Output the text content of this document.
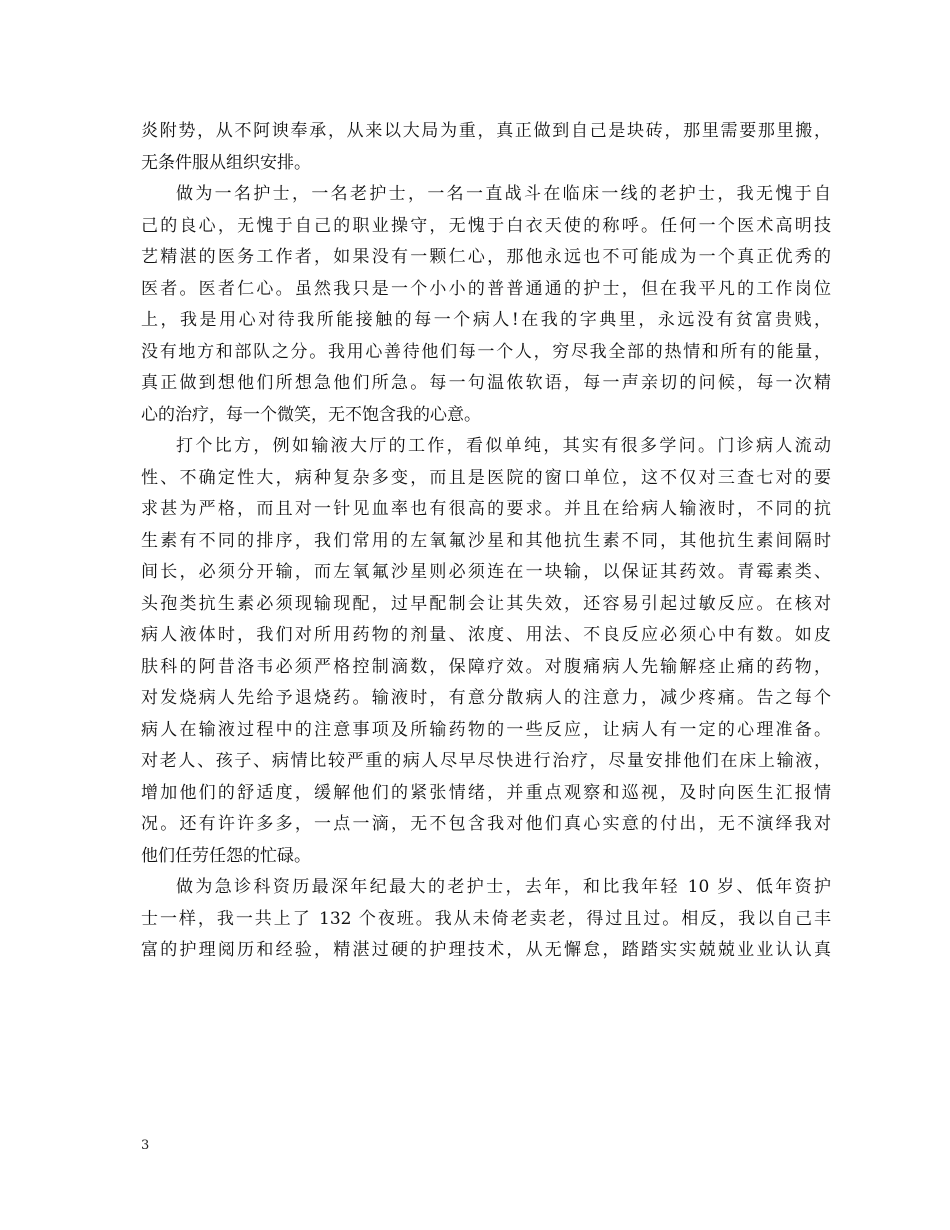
炎附势，从不阿谀奉承，从来以大局为重，真正做到自己是块砖，那里需要那里搬，
无条件服从组织安排。
做为一名护士，一名老护士，一名一直战斗在临床一线的老护士，我无愧于自
己的良心，无愧于自己的职业操守，无愧于白衣天使的称呼。任何一个医术高明技
艺精湛的医务工作者，如果没有一颗仁心，那他永远也不可能成为一个真正优秀的
医者。医者仁心。虽然我只是一个小小的普普通通的护士，但在我平凡的工作岗位
上，我是用心对待我所能接触的每一个病人!在我的字典里，永远没有贫富贵贱，
没有地方和部队之分。我用心善待他们每一个人，穷尽我全部的热情和所有的能量，
真正做到想他们所想急他们所急。每一句温侬软语，每一声亲切的问候，每一次精
心的治疗，每一个微笑，无不饱含我的心意。
打个比方，例如输液大厅的工作，看似单纯，其实有很多学问。门诊病人流动
性、不确定性大，病种复杂多变，而且是医院的窗口单位，这不仅对三查七对的要
求甚为严格，而且对一针见血率也有很高的要求。并且在给病人输液时，不同的抗
生素有不同的排序，我们常用的左氧氟沙星和其他抗生素不同，其他抗生素间隔时
间长，必须分开输，而左氧氟沙星则必须连在一块输，以保证其药效。青霉素类、
头孢类抗生素必须现输现配，过早配制会让其失效，还容易引起过敏反应。在核对
病人液体时，我们对所用药物的剂量、浓度、用法、不良反应必须心中有数。如皮
肤科的阿昔洛韦必须严格控制滴数，保障疗效。对腹痛病人先输解痉止痛的药物，
对发烧病人先给予退烧药。输液时，有意分散病人的注意力，减少疼痛。告之每个
病人在输液过程中的注意事项及所输药物的一些反应，让病人有一定的心理准备。
对老人、孩子、病情比较严重的病人尽早尽快进行治疗，尽量安排他们在床上输液，
增加他们的舒适度，缓解他们的紧张情绪，并重点观察和巡视，及时向医生汇报情
况。还有许许多多，一点一滴，无不包含我对他们真心实意的付出，无不演绎我对
他们任劳任怨的忙碌。
做为急诊科资历最深年纪最大的老护士，去年，和比我年轻 10 岁、低年资护
士一样，我一共上了 132 个夜班。我从未倚老卖老，得过且过。相反，我以自己丰
富的护理阅历和经验，精湛过硬的护理技术，从无懈怠，踏踏实实兢兢业业认认真
3
